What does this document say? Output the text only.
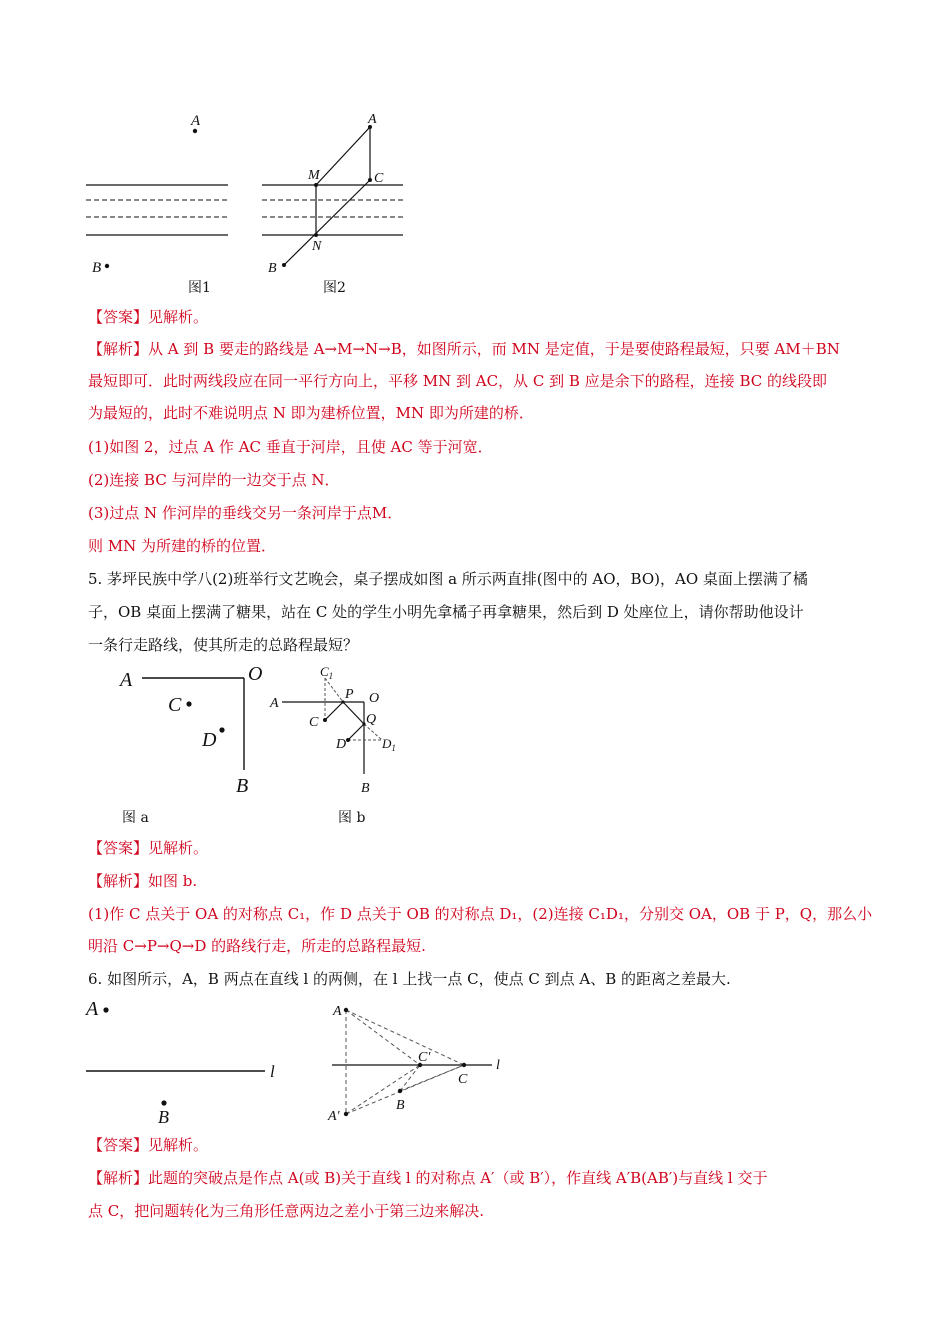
A
B
图1
A
M	C
N
B
图2
【答案】见解析。
【解析】从 A 到 B 要走的路线是 A→M→N→B，如图所示，而 MN 是定值，于是要使路程最短，只要 AM＋BN
最短即可．此时两线段应在同一平行方向上，平移 MN 到 AC，从 C 到 B 应是余下的路程，连接 BC 的线段即
为最短的，此时不难说明点 N 即为建桥位置，MN 即为所建的桥．
(1)如图 2，过点 A 作 AC 垂直于河岸，且使 AC 等于河宽．
(2)连接 BC 与河岸的一边交于点 N．
(3)过点 N 作河岸的垂线交另一条河岸于点M．
则 MN 为所建的桥的位置．
5. 茅坪民族中学八(2)班举行文艺晚会，桌子摆成如图 a 所示两直排(图中的 AO，BO)，AO 桌面上摆满了橘
子，OB 桌面上摆满了糖果，站在 C 处的学生小明先拿橘子再拿糖果，然后到 D 处座位上，请你帮助他设计
一条行走路线，使其所走的总路程最短？
A	O
C
D
B
图 a
$C_1$
A
P O
C	Q
D	$D_1$
B
图 b
【答案】见解析。
【解析】如图 b.
(1)作 C 点关于 OA 的对称点 C₁，作 D 点关于 OB 的对称点 D₁，(2)连接 C₁D₁，分别交 OA，OB 于 P，Q，那么小
明沿 C→P→Q→D 的路线行走，所走的总路程最短.
6. 如图所示，A，B 两点在直线 l 的两侧，在 l 上找一点 C，使点 C 到点 A、B 的距离之差最大.
A
l
B
A
C′
C
l
B
A′
【答案】见解析。
【解析】此题的突破点是作点 A(或 B)关于直线 l 的对称点 A′（或 B′），作直线 A′B(AB′)与直线 l 交于
点 C，把问题转化为三角形任意两边之差小于第三边来解决.
